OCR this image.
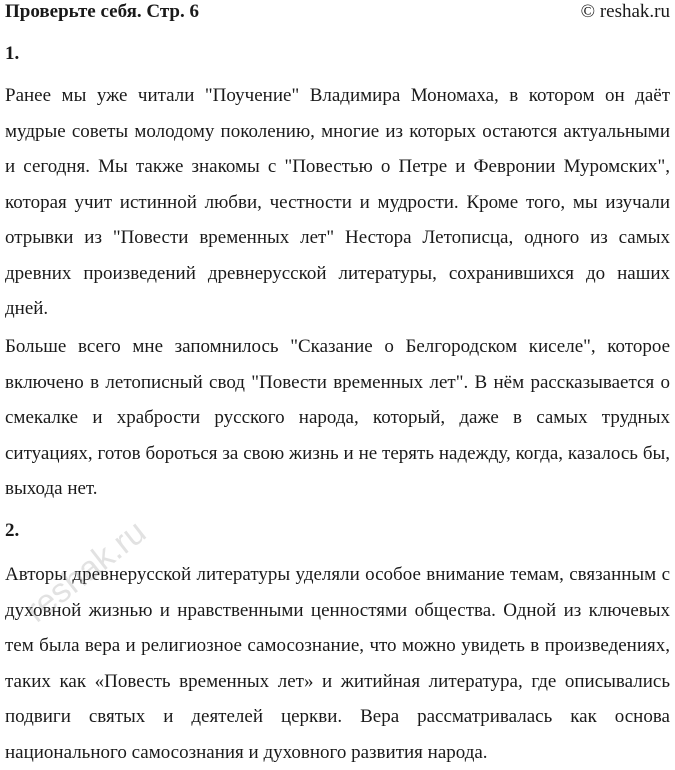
Проверьте себя. Стр. 6	© reshak.ru
1.

Ранее мы уже читали "Поучение" Владимира Мономаха, в котором он даёт мудрые советы молодому поколению, многие из которых остаются актуальными и сегодня. Мы также знакомы с "Повестью о Петре и Февронии Муромских", которая учит истинной любви, честности и мудрости. Кроме того, мы изучали отрывки из "Повести временных лет" Нестора Летописца, одного из самых древних произведений древнерусской литературы, сохранившихся до наших дней.

Больше всего мне запомнилось "Сказание о Белгородском киселе", которое включено в летописный свод "Повести временных лет". В нём рассказывается о смекалке и храбрости русского народа, который, даже в самых трудных ситуациях, готов бороться за свою жизнь и не терять надежду, когда, казалось бы, выхода нет.

2.

Авторы древнерусской литературы уделяли особое внимание темам, связанным с духовной жизнью и нравственными ценностями общества. Одной из ключевых тем была вера и религиозное самосознание, что можно увидеть в произведениях, таких как «Повесть временных лет» и житийная литература, где описывались подвиги святых и деятелей церкви. Вера рассматривалась как основа национального самосознания и духовного развития народа.

reshak.ru
